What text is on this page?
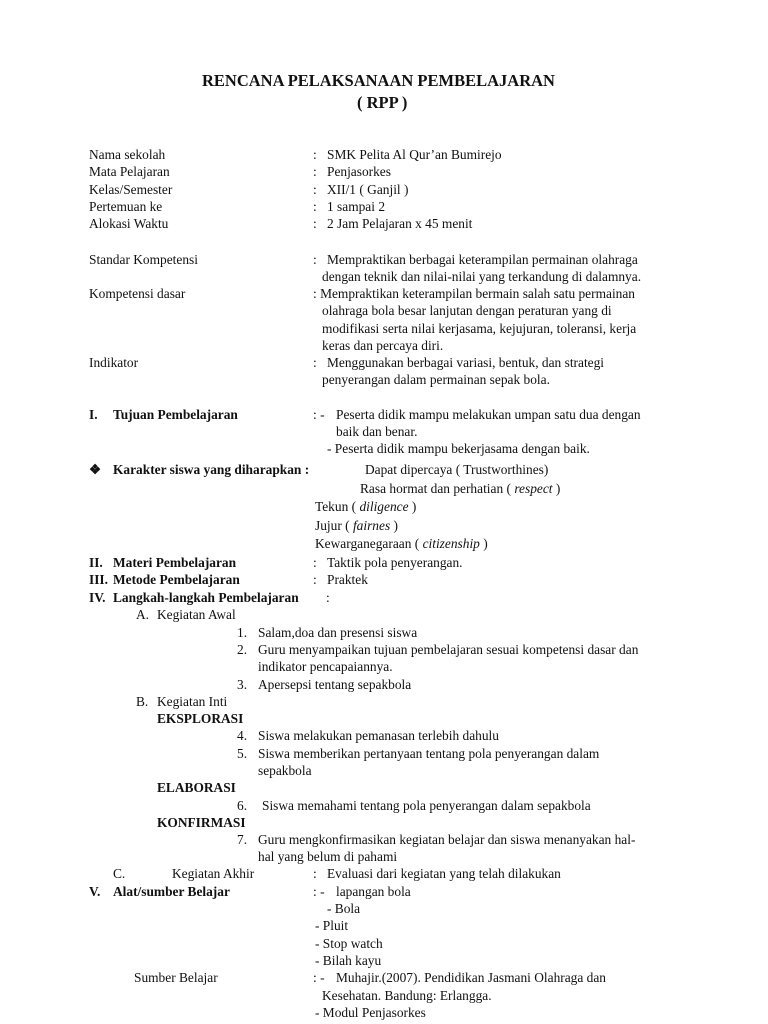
RENCANA PELAKSANAAN PEMBELAJARAN
( RPP )
Nama sekolah	: SMK Pelita Al Qur’an Bumirejo
Mata Pelajaran	: Penjasorkes
Kelas/Semester	: XII/1 ( Ganjil )
Pertemuan ke	: 1 sampai 2
Alokasi Waktu	: 2 Jam Pelajaran x 45 menit
Standar Kompetensi	: Mempraktikan berbagai keterampilan permainan olahraga
dengan teknik dan nilai-nilai yang terkandung di dalamnya.
Kompetensi dasar	: Mempraktikan keterampilan bermain salah satu permainan
olahraga bola besar lanjutan dengan peraturan yang di
modifikasi serta nilai kerjasama, kejujuran, toleransi, kerja
keras dan percaya diri.
Indikator	: Menggunakan berbagai variasi, bentuk, dan strategi
penyerangan dalam permainan sepak bola.
I. Tujuan Pembelajaran	: - Peserta didik mampu melakukan umpan satu dua dengan
baik dan benar.
- Peserta didik mampu bekerjasama dengan baik.
❖ Karakter siswa yang diharapkan :	Dapat dipercaya ( Trustworthines)
Rasa hormat dan perhatian ( respect )
Tekun ( diligence )
Jujur ( fairnes )
Kewarganegaraan ( citizenship )
II. Materi Pembelajaran	: Taktik pola penyerangan.
III. Metode Pembelajaran	: Praktek
IV. Langkah-langkah Pembelajaran :
A. Kegiatan Awal
1. Salam,doa dan presensi siswa
2. Guru menyampaikan tujuan pembelajaran sesuai kompetensi dasar dan
indikator pencapaiannya.
3. Apersepsi tentang sepakbola
B. Kegiatan Inti
EKSPLORASI
4. Siswa melakukan pemanasan terlebih dahulu
5. Siswa memberikan pertanyaan tentang pola penyerangan dalam
sepakbola
ELABORASI
6. Siswa memahami tentang pola penyerangan dalam sepakbola
KONFIRMASI
7. Guru mengkonfirmasikan kegiatan belajar dan siswa menanyakan hal-
hal yang belum di pahami
C.	Kegiatan Akhir	: Evaluasi dari kegiatan yang telah dilakukan
V. Alat/sumber Belajar	: - lapangan bola
- Bola
- Pluit
- Stop watch
- Bilah kayu
Sumber Belajar	: - Muhajir.(2007). Pendidikan Jasmani Olahraga dan
Kesehatan. Bandung: Erlangga.
- Modul Penjasorkes
